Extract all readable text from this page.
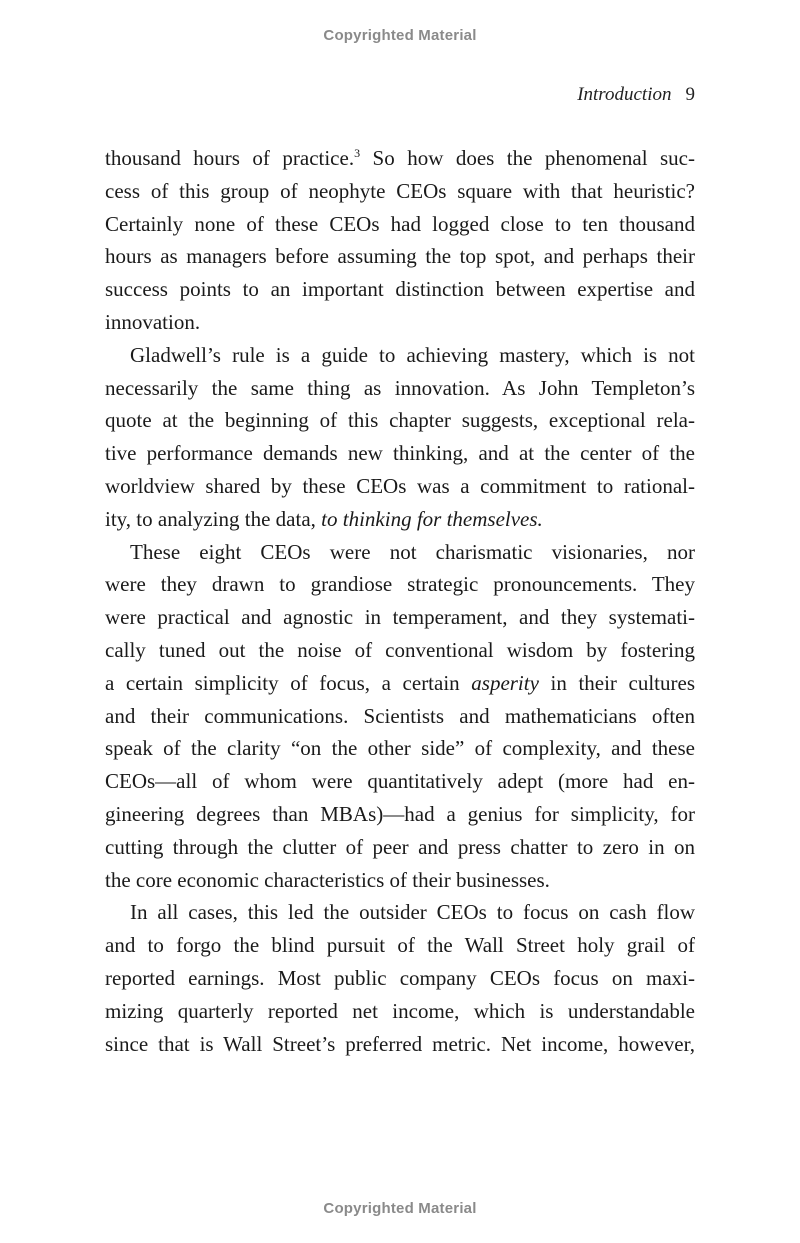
Copyrighted Material
Introduction 9
thousand hours of practice.$^3$ So how does the phenomenal suc-
cess of this group of neophyte CEOs square with that heuristic?
Certainly none of these CEOs had logged close to ten thousand
hours as managers before assuming the top spot, and perhaps their
success points to an important distinction between expertise and
innovation.
Gladwell’s rule is a guide to achieving mastery, which is not
necessarily the same thing as innovation. As John Templeton’s
quote at the beginning of this chapter suggests, exceptional rela-
tive performance demands new thinking, and at the center of the
worldview shared by these CEOs was a commitment to rational-
ity, to analyzing the data, to thinking for themselves.
These eight CEOs were not charismatic visionaries, nor
were they drawn to grandiose strategic pronouncements. They
were practical and agnostic in temperament, and they systemati-
cally tuned out the noise of conventional wisdom by fostering
a certain simplicity of focus, a certain asperity in their cultures
and their communications. Scientists and mathematicians often
speak of the clarity “on the other side” of complexity, and these
CEOs—all of whom were quantitatively adept (more had en-
gineering degrees than MBAs)—had a genius for simplicity, for
cutting through the clutter of peer and press chatter to zero in on
the core economic characteristics of their businesses.
In all cases, this led the outsider CEOs to focus on cash flow
and to forgo the blind pursuit of the Wall Street holy grail of
reported earnings. Most public company CEOs focus on maxi-
mizing quarterly reported net income, which is understandable
since that is Wall Street’s preferred metric. Net income, however,
Copyrighted Material
